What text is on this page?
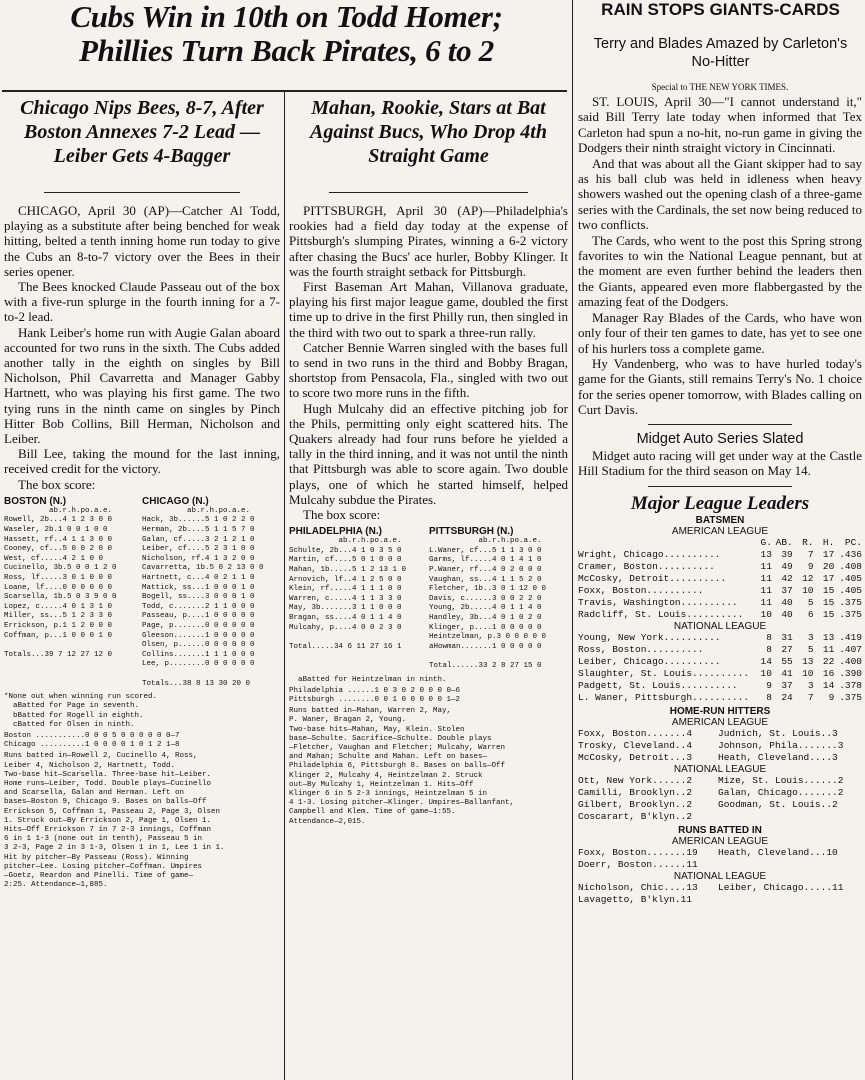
Cubs Win in 10th on Todd Homer;
Phillies Turn Back Pirates, 6 to 2
RAIN STOPS GIANTS-CARDS
Terry and Blades Amazed by Carleton's No-Hitter
Chicago Nips Bees, 8-7, After Boston Annexes 7-2 Lead —Leiber Gets 4-Bagger

CHICAGO, April 30 (AP)—Catcher Al Todd, playing as a substitute after being benched for weak hitting, belted a tenth inning home run today to give the Cubs an 8-to-7 victory over the Bees in their series opener.

The Bees knocked Claude Passeau out of the box with a five-run splurge in the fourth inning for a 7-to-2 lead.

Hank Leiber's home run with Augie Galan aboard accounted for two runs in the sixth. The Cubs added another tally in the eighth on singles by Bill Nicholson, Phil Cavarretta and Manager Gabby Hartnett, who was playing his first game. The two tying runs in the ninth came on singles by Pinch Hitter Bob Collins, Bill Herman, Nicholson and Leiber.

Bill Lee, taking the mound for the last inning, received credit for the victory.

The box score:

BOSTON (N.)
ab.r.h.po.a.e.
Rowell, 2b...4 1 2 3 0 0
Waseler, 2b.1 0 0 1 0 0
Hassett, rf..4 1 1 3 0 0
Cooney, cf...5 0 0 2 0 0
West, cf.....4 2 1 0 0
Cucinello, 3b.5 0 0 1 2 0
Ross, lf.....3 0 1 0 0 0
Loane, lf....0 0 0 0 0 0
Scarsella, 1b.5 0 3 9 0 0
Lopez, c.....4 0 1 3 1 0
Miller, ss...5 1 2 3 3 0
Errickson, p.1 1 2 0 0 0
Coffman, p...1 0 0 0 1 0

Totals...39 7 12 27 12 0
CHICAGO (N.)
ab.r.h.po.a.e.
Hack, 3b......5 1 0 2 2 0
Herman, 2b....5 1 1 5 7 0
Galan, cf.....3 2 1 2 1 0
Leiber, cf....5 2 3 1 0 0
Nicholson, rf.4 1 3 2 0 0
Cavarretta, 1b.5 0 2 13 0 0
Hartnett, c...4 0 2 1 1 0
Mattick, ss...1 0 0 0 1 0
Bogell, ss....3 0 0 0 1 0
Todd, c.......2 1 1 0 0 0
Passeau, p....1 0 0 0 0 0
Page, p.......0 0 0 0 0 0
Gleeson.......1 0 0 0 0 0
Olsen, p......0 0 0 0 0 0
Collins.......1 1 1 0 0 0
Lee, p........0 0 0 0 0 0

Totals...38 8 13 30 20 0
*None out when winning run scored.
aBatted for Page in seventh.
bBatted for Rogell in eighth.
cBatted for Olsen in ninth.
Boston ...........0 0 0 5 0 0 0 0 0 0—7
Chicago ..........1 0 0 0 0 1 0 1 2 1—8
Runs batted in—Rowell 2, Cucinello 4, Ross,
Leiber 4, Nicholson 2, Hartnett, Todd.
Two-base hit—Scarsella. Three-base hit—Leiber.
Home runs—Leiber, Todd. Double plays—Cucinello
and Scarsella, Galan and Herman. Left on
bases—Boston 9, Chicago 9. Bases on balls—Off
Errickson 5, Coffman 1, Passeau 2, Page 3, Olsen
1. Struck out—By Errickson 2, Page 1, Olsen 1.
Hits—Off Errickson 7 in 7 2-3 innings, Coffman
6 in 1 1-3 (none out in tenth), Passeau 5 in
3 2-3, Page 2 in 3 1-3, Olsen 1 in 1, Lee 1 in 1.
Hit by pitcher—By Passeau (Ross). Winning
pitcher—Lee. Losing pitcher—Coffman. Umpires
—Goetz, Reardon and Pinelli. Time of game—
2:25. Attendance—1,885.
Mahan, Rookie, Stars at Bat Against Bucs, Who Drop 4th Straight Game

PITTSBURGH, April 30 (AP)—Philadelphia's rookies had a field day today at the expense of Pittsburgh's slumping Pirates, winning a 6-2 victory after chasing the Bucs' ace hurler, Bobby Klinger. It was the fourth straight setback for Pittsburgh.

First Baseman Art Mahan, Villanova graduate, playing his first major league game, doubled the first time up to drive in the first Philly run, then singled in the third with two out to spark a three-run rally.

Catcher Bennie Warren singled with the bases full to send in two runs in the third and Bobby Bragan, shortstop from Pensacola, Fla., singled with two out to score two more runs in the fifth.

Hugh Mulcahy did an effective pitching job for the Phils, permitting only eight scattered hits. The Quakers already had four runs before he yielded a tally in the third inning, and it was not until the ninth that Pittsburgh was able to score again. Two double plays, one of which he started himself, helped Mulcahy subdue the Pirates.

The box score:

PHILADELPHIA (N.)
ab.r.h.po.a.e.
Schulte, 2b...4 1 0 3 5 0
Martin, cf....5 0 1 0 0 0
Mahan, 1b.....5 1 2 13 1 0
Arnovich, lf..4 1 2 5 0 0
Klein, rf.....4 1 1 1 0 0
Warren, c.....4 1 1 3 3 0
May, 3b.......3 1 1 0 0 0
Bragan, ss....4 0 1 1 4 0
Mulcahy, p....4 0 0 2 3 0

Total.....34 6 11 27 16 1
PITTSBURGH (N.)
ab.r.h.po.a.e.
L.Waner, cf...5 1 1 3 0 0
Garms, lf.....4 0 1 4 1 0
P.Waner, rf...4 0 2 0 0 0
Vaughan, ss...4 1 1 5 2 0
Fletcher, 1b..3 0 1 12 0 0
Davis, c......3 0 0 2 2 0
Young, 2b.....4 0 1 1 4 0
Handley, 3b...4 0 1 0 2 0
Klinger, p....1 0 0 0 0 0
Heintzelman, p.3 0 0 0 0 0
aHowman.......1 0 0 0 0 0

Total......33 2 8 27 15 0
aBatted for Heintzelman in ninth.
Philadelphia ......1 0 3 0 2 0 0 0 0—6
Pittsburgh ........0 0 1 0 0 0 0 0 1—2
Runs batted in—Mahan, Warren 2, May,
P. Waner, Bragan 2, Young.
Two-base hits—Mahan, May, Klein. Stolen
base—Schulte. Sacrifice—Schulte. Double plays
—Fletcher, Vaughan and Fletcher; Mulcahy, Warren
and Mahan; Schulte and Mahan. Left on bases—
Philadelphia 6, Pittsburgh 8. Bases on balls—Off
Klinger 2, Mulcahy 4, Heintzelman 2. Struck
out—By Mulcahy 1, Heintzelman 1. Hits—Off
Klinger 6 in 5 2-3 innings, Heintzelman 5 in
4 1-3. Losing pitcher—Klinger. Umpires—Ballanfant,
Campbell and Klem. Time of game—1:55.
Attendance—2,015.
Special to THE NEW YORK TIMES.

ST. LOUIS, April 30—"I cannot understand it," said Bill Terry late today when informed that Tex Carleton had spun a no-hit, no-run game in giving the Dodgers their ninth straight victory in Cincinnati.

And that was about all the Giant skipper had to say as his ball club was held in idleness when heavy showers washed out the opening clash of a three-game series with the Cardinals, the set now being reduced to two conflicts.

The Cards, who went to the post this Spring strong favorites to win the National League pennant, but at the moment are even further behind the leaders then the Giants, appeared even more flabbergasted by the amazing feat of the Dodgers.

Manager Ray Blades of the Cards, who have won only four of their ten games to date, has yet to see one of his hurlers toss a complete game.

Hy Vandenberg, who was to have hurled today's game for the Giants, still remains Terry's No. 1 choice for the series opener tomorrow, with Blades calling on Curt Davis.

Midget Auto Series Slated

Midget auto racing will get under way at the Castle Hill Stadium for the third season on May 14.

Major League Leaders
BATSMEN
AMERICAN LEAGUE
G. AB. R. H.	PC.
Wright, Chicago..........	13 39	7 17 .436
Cramer, Boston..........	11 49	9 20 .408
McCosky, Detroit..........	11 42 12 17 .405
Foxx, Boston..........	11 37 10 15 .405
Travis, Washington..........	11 40	5 15 .375
Radcliff, St. Louis..........	10 40	6 15 .375
NATIONAL LEAGUE
Young, New York..........	8 31	3 13 .419
Ross, Boston..........	8 27	5 11 .407
Leiber, Chicago..........	14 55 13 22 .400
Slaughter, St. Louis..........	10 41 10 16 .390
Padgett, St. Louis..........	9 37	3 14 .378
L. Waner, Pittsburgh..........	8 24	7	9 .375
HOME-RUN HITTERS
AMERICAN LEAGUE
Foxx, Boston.......4	Judnich, St. Louis..3
Trosky, Cleveland..4	Johnson, Phila.......3
McCosky, Detroit...3	Heath, Cleveland....3
NATIONAL LEAGUE
Ott, New York......2	Mize, St. Louis......2
Camilli, Brooklyn..2	Galan, Chicago.......2
Gilbert, Brooklyn..2	Goodman, St. Louis..2
Coscarart, B'klyn..2
RUNS BATTED IN
AMERICAN LEAGUE
Foxx, Boston.......19	Heath, Cleveland...10
Doerr, Boston......11
NATIONAL LEAGUE
Nicholson, Chic....13	Leiber, Chicago.....11
Lavagetto, B'klyn.11
